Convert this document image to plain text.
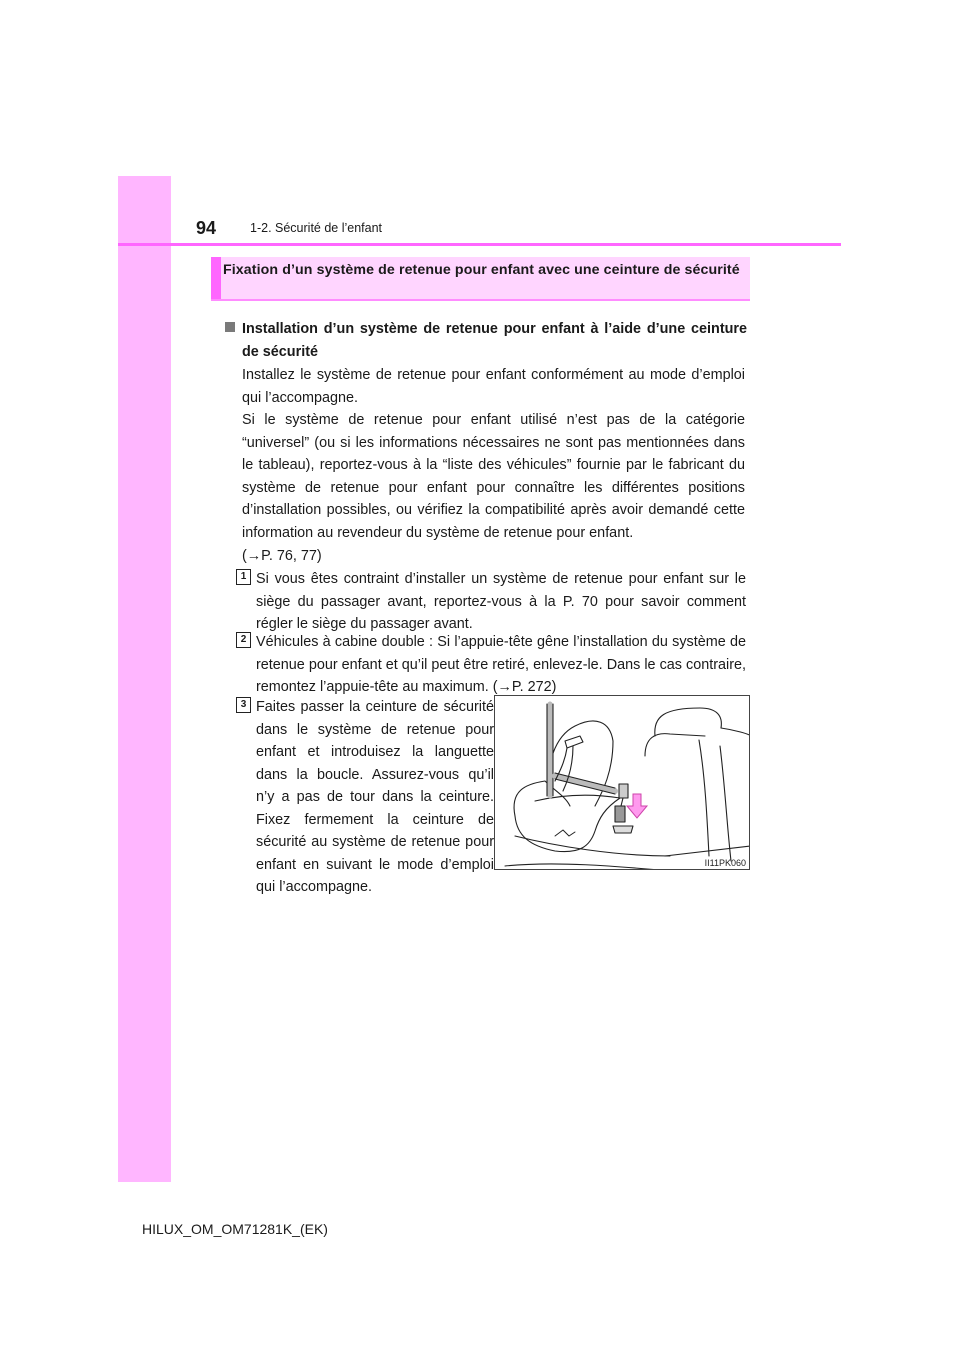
94	1-2. Sécurité de l’enfant
Fixation d’un système de retenue pour enfant avec une ceinture de sécurité
Installation d’un système de retenue pour enfant à l’aide d’une ceinture de sécurité
Installez le système de retenue pour enfant conformément au mode d’emploi qui l’accompagne.
Si le système de retenue pour enfant utilisé n’est pas de la catégorie “universel” (ou si les informations nécessaires ne sont pas mentionnées dans le tableau), reportez-vous à la “liste des véhicules” fournie par le fabricant du système de retenue pour enfant pour connaître les différentes positions d’installation possibles, ou vérifiez la compatibilité après avoir demandé cette information au revendeur du système de retenue pour enfant.
(→P. 76, 77)
1 Si vous êtes contraint d’installer un système de retenue pour enfant sur le siège du passager avant, reportez-vous à la P. 70 pour savoir comment régler le siège du passager avant.
2 Véhicules à cabine double : Si l’appuie-tête gêne l’installation du système de retenue pour enfant et qu’il peut être retiré, enlevez-le. Dans le cas contraire, remontez l’appuie-tête au maximum. (→P. 272)
3 Faites passer la ceinture de sécurité dans le système de retenue pour enfant et introduisez la languette dans la boucle. Assurez-vous qu’il n’y a pas de tour dans la ceinture. Fixez fermement la ceinture de sécurité au système de retenue pour enfant en suivant le mode d’emploi qui l’accompagne.
II11PK060
HILUX_OM_OM71281K_(EK)
